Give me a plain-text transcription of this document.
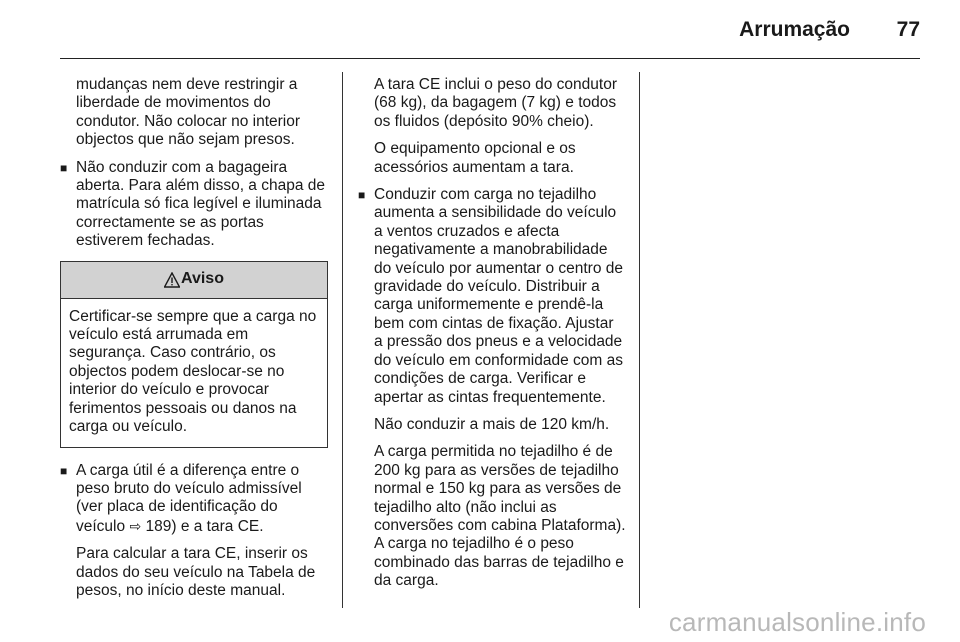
Arrumação 77

mudanças nem deve restringir a liberdade de movimentos do condutor. Não colocar no interior objectos que não sejam presos.

■ Não conduzir com a bagageira aberta. Para além disso, a chapa de matrícula só fica legível e iluminada correctamente se as portas estiverem fechadas.
Aviso
Certificar-se sempre que a carga no veículo está arrumada em segurança. Caso contrário, os objectos podem deslocar-se no interior do veículo e provocar ferimentos pessoais ou danos na carga ou veículo.
■ A carga útil é a diferença entre o peso bruto do veículo admissível (ver placa de identificação do veículo ⇨ 189) e a tara CE.

Para calcular a tara CE, inserir os dados do seu veículo na Tabela de pesos, no início deste manual.

A tara CE inclui o peso do condutor (68 kg), da bagagem (7 kg) e todos os fluidos (depósito 90% cheio).

O equipamento opcional e os acessórios aumentam a tara.

■ Conduzir com carga no tejadilho aumenta a sensibilidade do veículo a ventos cruzados e afecta negativamente a manobrabilidade do veículo por aumentar o centro de gravidade do veículo. Distribuir a carga uniformemente e prendê-la bem com cintas de fixação. Ajustar a pressão dos pneus e a velocidade do veículo em conformidade com as condições de carga. Verificar e apertar as cintas frequentemente.

Não conduzir a mais de 120 km/h.

A carga permitida no tejadilho é de 200 kg para as versões de tejadilho normal e 150 kg para as versões de tejadilho alto (não inclui as conversões com cabina Plataforma). A carga no tejadilho é o peso combinado das barras de tejadilho e da carga.

carmanualsonline.info
